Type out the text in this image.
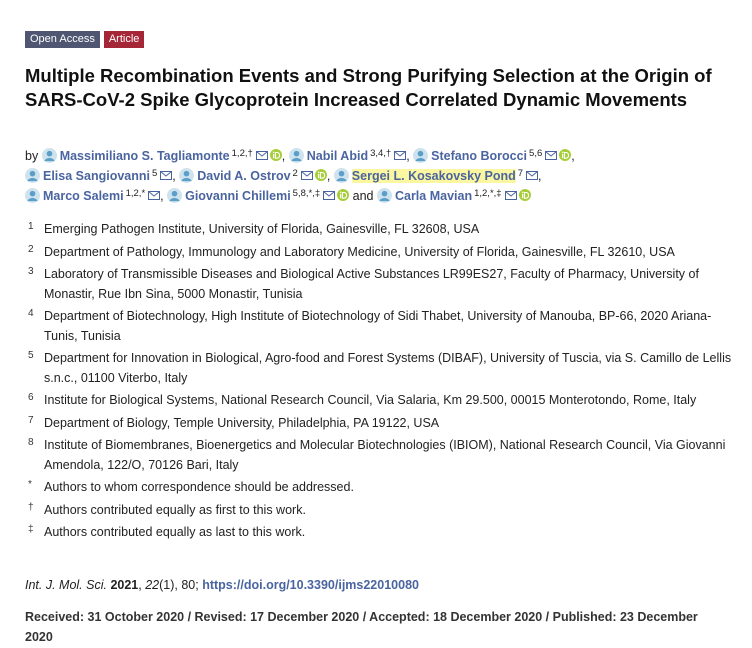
Open Access	Article
Multiple Recombination Events and Strong Purifying Selection at the Origin of SARS-CoV-2 Spike Glycoprotein Increased Correlated Dynamic Movements
by Massimiliano S. Tagliamonte $^{1,2,\dagger}$ , Nabil Abid $^{3,4,\dagger}$ , Stefano Borocci $^{5,6}$ ,
Elisa Sangiovanni $^5$ , David A. Ostrov $^2$ , Sergei L. Kosakovsky Pond $^7$ ,
Marco Salemi $^{1,2,*}$ , Giovanni Chillemi $^{5,8,*,\ddagger}$	and Carla Mavian $^{1,2,*,\ddagger}$
1 Emerging Pathogen Institute, University of Florida, Gainesville, FL 32608, USA
2 Department of Pathology, Immunology and Laboratory Medicine, University of Florida, Gainesville, FL 32610, USA
3 Laboratory of Transmissible Diseases and Biological Active Substances LR99ES27, Faculty of Pharmacy, University of Monastir, Rue Ibn Sina, 5000 Monastir, Tunisia
4 Department of Biotechnology, High Institute of Biotechnology of Sidi Thabet, University of Manouba, BP-66, 2020 Ariana-Tunis, Tunisia
5 Department for Innovation in Biological, Agro-food and Forest Systems (DIBAF), University of Tuscia, via S. Camillo de Lellis s.n.c., 01100 Viterbo, Italy
6 Institute for Biological Systems, National Research Council, Via Salaria, Km 29.500, 00015 Monterotondo, Rome, Italy
7 Department of Biology, Temple University, Philadelphia, PA 19122, USA
8 Institute of Biomembranes, Bioenergetics and Molecular Biotechnologies (IBIOM), National Research Council, Via Giovanni Amendola, 122/O, 70126 Bari, Italy
* Authors to whom correspondence should be addressed.
† Authors contributed equally as first to this work.
‡ Authors contributed equally as last to this work.
Int. J. Mol. Sci. 2021, 22(1), 80; https://doi.org/10.3390/ijms22010080
Received: 31 October 2020 / Revised: 17 December 2020 / Accepted: 18 December 2020 / Published: 23 December 2020
